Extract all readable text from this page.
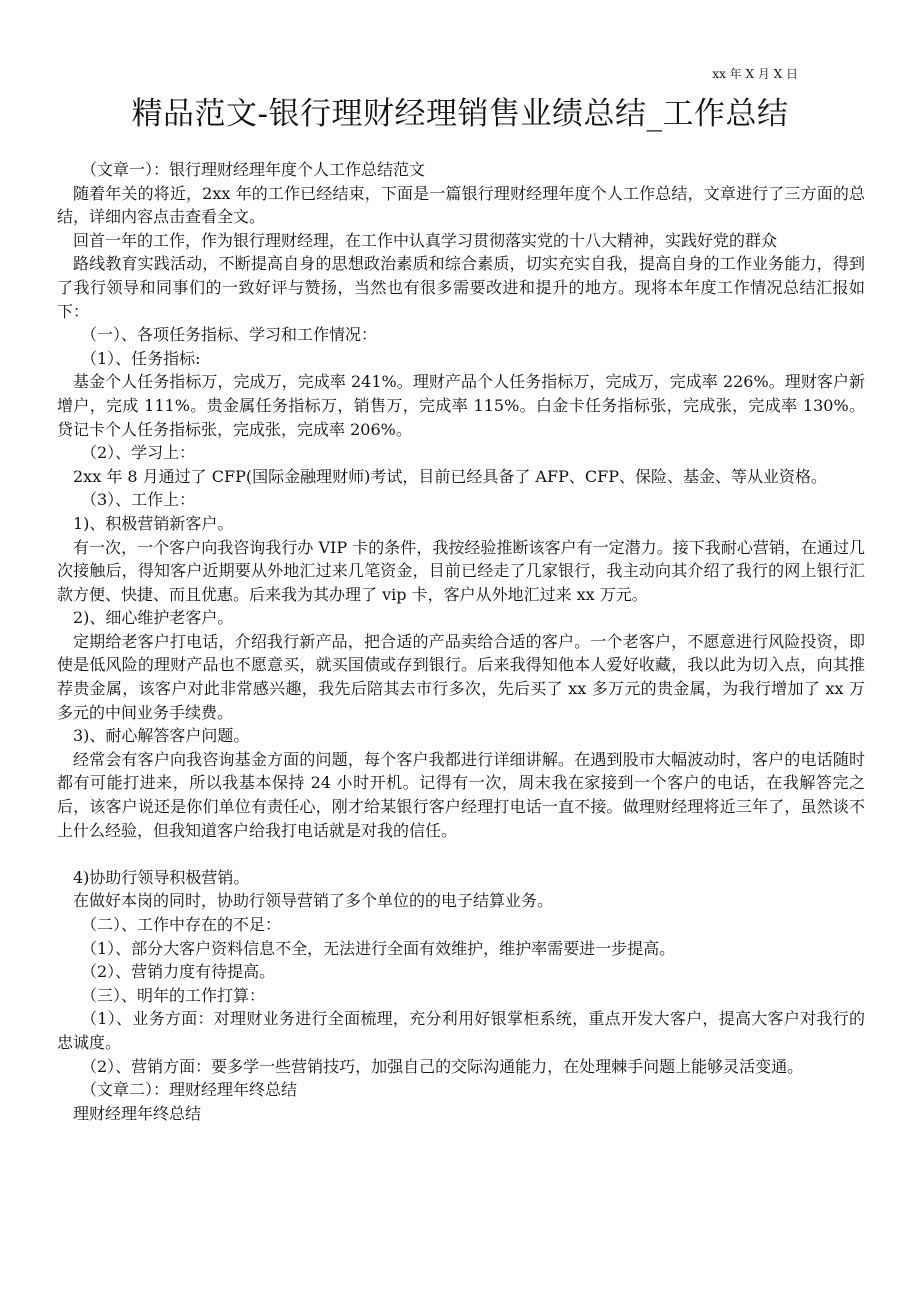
xx 年 X 月 X 日
精品范文-银行理财经理销售业绩总结_工作总结

（文章一）：银行理财经理年度个人工作总结范文

随着年关的将近，2xx 年的工作已经结束，下面是一篇银行理财经理年度个人工作总结，文章进行了三方面的总结，详细内容点击查看全文。

回首一年的工作，作为银行理财经理，在工作中认真学习贯彻落实党的十八大精神，实践好党的群众

路线教育实践活动，不断提高自身的思想政治素质和综合素质，切实充实自我，提高自身的工作业务能力，得到了我行领导和同事们的一致好评与赞扬，当然也有很多需要改进和提升的地方。现将本年度工作情况总结汇报如下：

（一）、各项任务指标、学习和工作情况：

（1）、任务指标:

基金个人任务指标万，完成万，完成率 241%。理财产品个人任务指标万，完成万，完成率 226%。理财客户新增户，完成 111%。贵金属任务指标万，销售万，完成率 115%。白金卡任务指标张，完成张，完成率 130%。贷记卡个人任务指标张，完成张，完成率 206%。

（2）、学习上：

2xx 年 8 月通过了 CFP(国际金融理财师)考试，目前已经具备了 AFP、CFP、保险、基金、等从业资格。

（3）、工作上：

1)、积极营销新客户。

有一次，一个客户向我咨询我行办 VIP 卡的条件，我按经验推断该客户有一定潜力。接下我耐心营销，在通过几次接触后，得知客户近期要从外地汇过来几笔资金，目前已经走了几家银行，我主动向其介绍了我行的网上银行汇款方便、快捷、而且优惠。后来我为其办理了 vip 卡，客户从外地汇过来 xx 万元。

2)、细心维护老客户。

定期给老客户打电话，介绍我行新产品，把合适的产品卖给合适的客户。一个老客户，不愿意进行风险投资，即使是低风险的理财产品也不愿意买，就买国债或存到银行。后来我得知他本人爱好收藏，我以此为切入点，向其推荐贵金属，该客户对此非常感兴趣，我先后陪其去市行多次，先后买了 xx 多万元的贵金属，为我行增加了 xx 万多元的中间业务手续费。

3)、耐心解答客户问题。

经常会有客户向我咨询基金方面的问题，每个客户我都进行详细讲解。在遇到股市大幅波动时，客户的电话随时都有可能打进来，所以我基本保持 24 小时开机。记得有一次，周末我在家接到一个客户的电话，在我解答完之后，该客户说还是你们单位有责任心，刚才给某银行客户经理打电话一直不接。做理财经理将近三年了，虽然谈不上什么经验，但我知道客户给我打电话就是对我的信任。

4)协助行领导积极营销。

在做好本岗的同时，协助行领导营销了多个单位的的电子结算业务。

（二）、工作中存在的不足：

（1）、部分大客户资料信息不全，无法进行全面有效维护，维护率需要进一步提高。

（2）、营销力度有待提高。

（三）、明年的工作打算：

（1）、业务方面：对理财业务进行全面梳理，充分利用好银掌柜系统，重点开发大客户，提高大客户对我行的忠诚度。

（2）、营销方面：要多学一些营销技巧，加强自己的交际沟通能力，在处理棘手问题上能够灵活变通。

（文章二）：理财经理年终总结

理财经理年终总结
